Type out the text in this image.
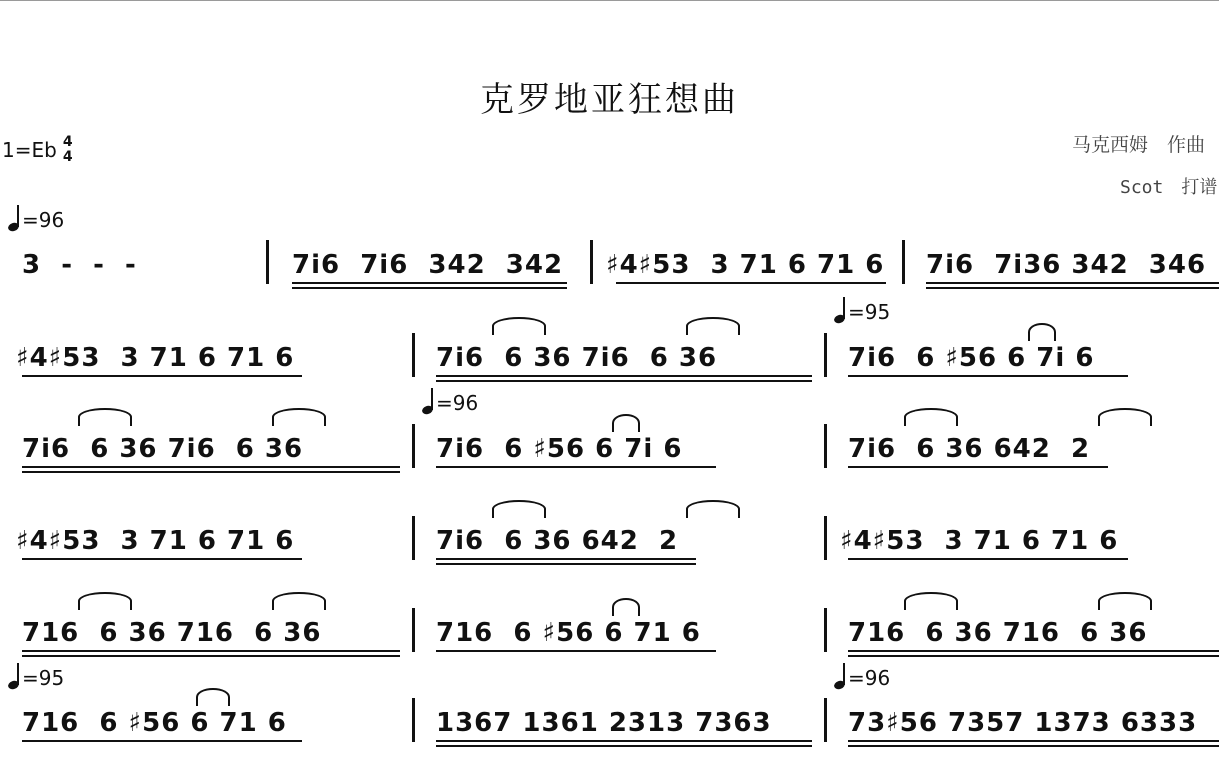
克罗地亚狂想曲
1=Eb 4
4
马克西姆　作曲
Scot　打谱
=96
=95
=96
=95	=96
3  -  -  -	7i6  7i6  342  342 ♯4♯53  3 71 6 71 6 7i6  7i36 342  346
♯4♯53  3 71 6 71 6	7i6  6 36 7i6  6 36	7i6  6 ♯56 6 7i 6
7i6  6 36 7i6  6 36	7i6  6 ♯56 6 7i 6	7i6  6 36 642  2
♯4♯53  3 71 6 71 6	7i6  6 36 642  2	♯4♯53  3 71 6 71 6
716  6 36 716  6 36	716  6 ♯56 6 71 6	716  6 36 716  6 36
716  6 ♯56 6 71 6	1367 1361 2313 7363	73♯56 7357 1373 6333
